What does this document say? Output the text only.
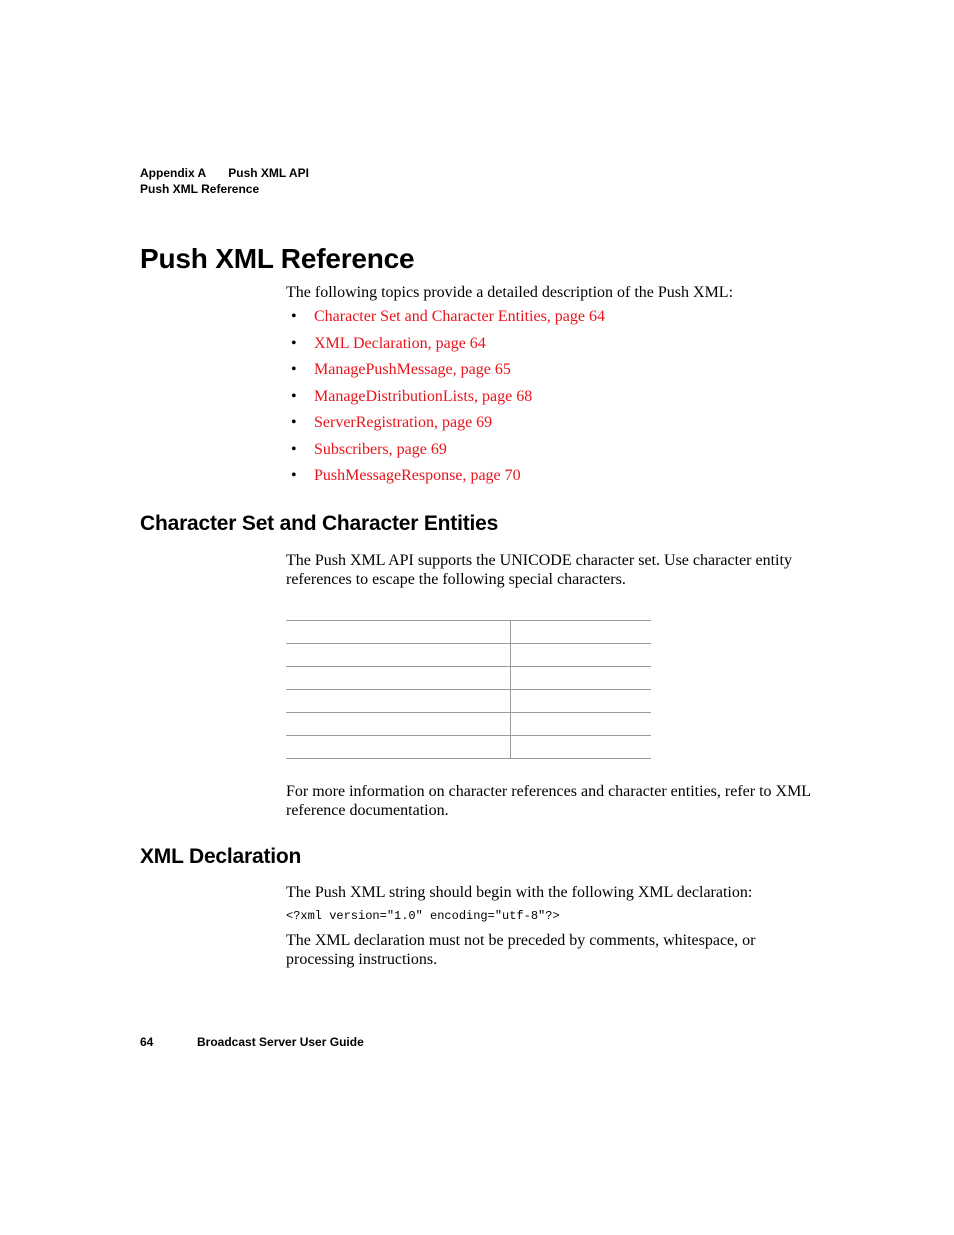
Appendix A Push XML API
Push XML Reference
Push XML Reference

The following topics provide a detailed description of the Push XML:

• Character Set and Character Entities, page 64
• XML Declaration, page 64
• ManagePushMessage, page 65
• ManageDistributionLists, page 68
• ServerRegistration, page 69
• Subscribers, page 69
• PushMessageResponse, page 70
Character Set and Character Entities

The Push XML API supports the UNICODE character set. Use character entity references to escape the following special characters.

For more information on character references and character entities, refer to XML reference documentation.

XML Declaration

The Push XML string should begin with the following XML declaration:

<?xml version="1.0" encoding="utf-8"?>

The XML declaration must not be preceded by comments, whitespace, or processing instructions.

64	Broadcast Server User Guide
